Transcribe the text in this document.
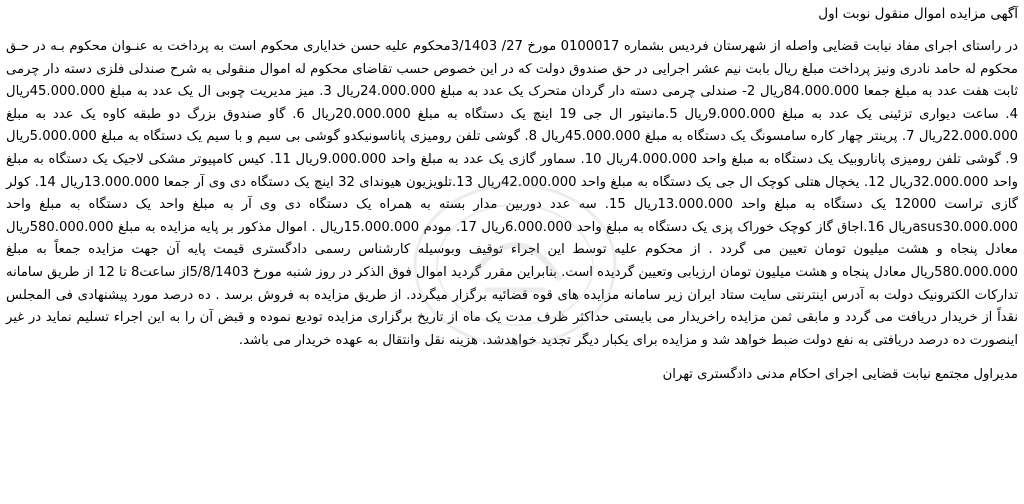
آگهی مزایده اموال منقول نوبت اول

در راستای اجرای مفاد نیابت قضایی واصله از شهرستان فردیس بشماره 0100017 مورخ 27/ 3/1403محکوم علیه حسن خدایاری محکوم است به پرداخت به عنـوان محکوم بـه در حـق محکوم له حامد نادری ونیز پرداخت مبلغ ریال بابت نیم عشر اجرایی در حق صندوق دولت که در این خصوص حسب تقاضای محکوم له اموال منقولی به شرح صندلی فلزی دسته دار چرمی ثابت هفت عدد به مبلغ جمعا 84.000.000ریال 2- صندلی چرمی دسته دار گردان متحرک یک عدد به مبلغ 24.000.000ریال 3. میز مدیریت چوبی ال یک عدد به مبلغ 45.000.000ریال 4. ساعت دیواری تزئینی یک عدد به مبلغ 9.000.000ریال 5.مانیتور ال جی 19 اینچ یک دستگاه به مبلغ 20.000.000ریال 6. گاو صندوق بزرگ دو طبقه کاوه یک عدد به مبلغ 22.000.000ریال 7. پرینتر چهار کاره سامسونگ یک دستگاه به مبلغ 45.000.000ریال 8. گوشی تلفن رومیزی پاناسونیکدو گوشی بی سیم و با سیم یک دستگاه به مبلغ 5.000.000ریال 9. گوشی تلفن رومیزی پاناروبیک یک دستگاه به مبلغ واحد 4.000.000ریال 10. سماور گازی یک عدد به مبلغ واحد 9.000.000ریال 11. کیس کامپیوتر مشکی لاجیک یک دستگاه به مبلغ واحد 32.000.000ریال 12. یخچال هتلی کوچک ال جی یک دستگاه به مبلغ واحد 42.000.000ریال 13.تلویزیون هیوندای 32 اینچ یک دستگاه دی وی آر جمعا 13.000.000ریال 14. کولر گازی تراست 12000 یک دستگاه به مبلغ واحد 13.000.000ریال 15. سه عدد دوربین مدار بسته به همراه یک دستگاه دی وی آر به مبلغ واحد یک دستگاه به مبلغ واحد asus30.000.000ریال 16.اجاق گاز کوچک خوراک پزی یک دستگاه به مبلغ واحد 6.000.000ریال 17. مودم 15.000.000ریال . اموال مذکور بر پایه مزایده به مبلغ 580.000.000ریال معادل پنجاه و هشت میلیون تومان تعیین می گردد . از محکوم علیه توسط این اجراء توقیف وبوسیله کارشناس رسمی دادگستری قیمت پایه آن جهت مزایده جمعاً به مبلغ 580.000.000ریال معادل پنجاه و هشت میلیون تومان ارزیابی وتعیین گردیده است. بنابراین مقرر گردید اموال فوق الذکر در روز شنبه مورخ 5/8/1403از ساعت8 تا 12 از طریق سامانه تدارکات الکترونیک دولت به آدرس اینترنتی سایت ستاد ایران زیر سامانه مزایده های قوه قضائیه برگزار میگردد. از طریق مزایده به فروش برسد . ده درصد مورد پیشنهادی فی المجلس نقداً از خریدار دریافت می گردد و مابقی ثمن مزایده راخریدار می بایستی حداکثر ظرف مدت یک ماه از تاریخ برگزاری مزایده تودیع نموده و قبض آن را به این اجراء تسلیم نماید در غیر اینصورت ده درصد دریافتی به نفع دولت ضبط خواهد شد و مزایده برای یکبار دیگر تجدید خواهدشد. هزینه نقل وانتقال به عهده خریدار می باشد.

مدیراول مجتمع نیابت قضایی اجرای احکام مدنی دادگستری تهران
